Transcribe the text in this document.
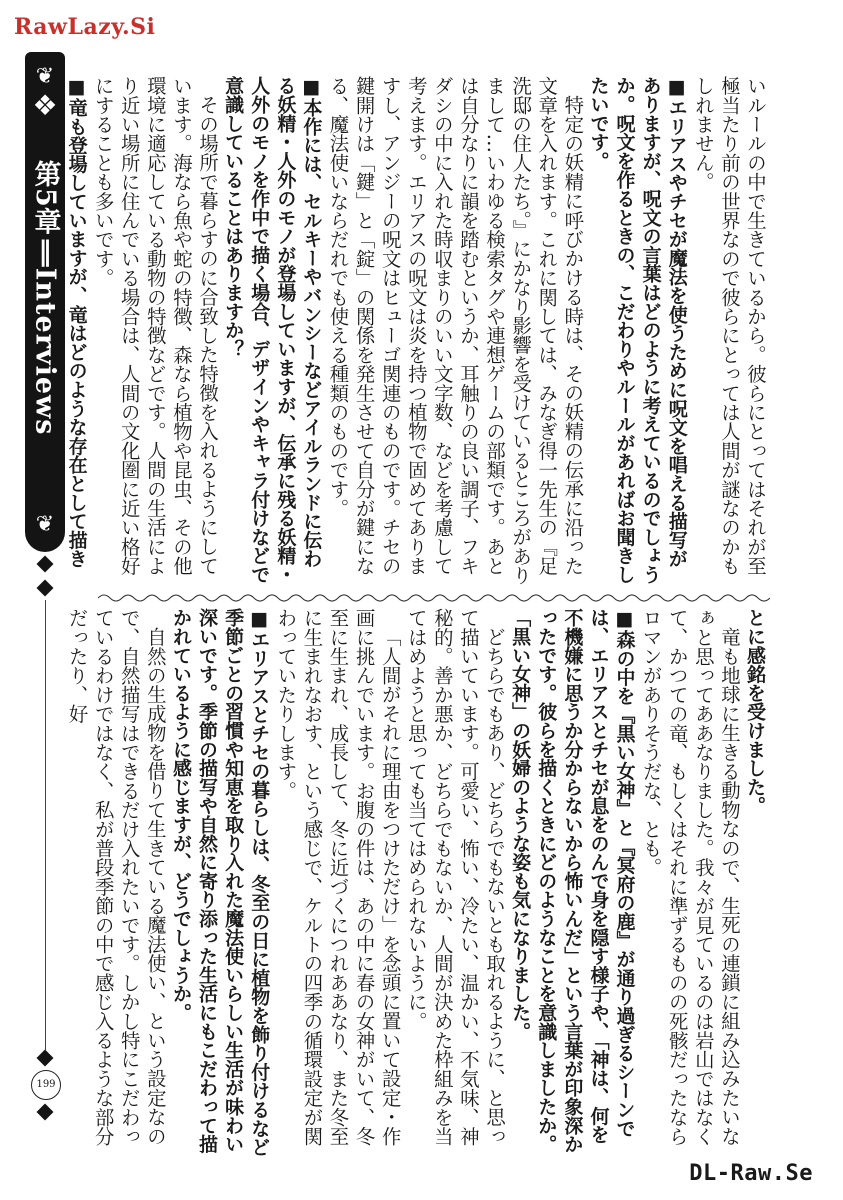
RawLazy.Si
❦
❖
第5章‖Interviews
❦
199

いルールの中で生きているから。彼らにとってはそれが至極当たり前の世界なので彼らにとっては人間が謎なのかもしれません。

■エリアスやチセが魔法を使うために呪文を唱える描写がありますが、呪文の言葉はどのように考えているのでしょうか。呪文を作るときの、こだわりやルールがあればお聞きしたいです。

特定の妖精に呼びかける時は、その妖精の伝承に沿った文章を入れます。これに関しては、みなぎ得一先生の『足洗邸の住人たち。』にかなり影響を受けているところがありまして…いわゆる検索タグや連想ゲームの部類です。あとは自分なりに韻を踏むというか、耳触りの良い調子、フキダシの中に入れた時収まりのいい文字数、などを考慮して考えます。エリアスの呪文は炎を持つ植物で固めてありますし、アンジーの呪文はヒューゴ関連のものです。チセの鍵開けは「鍵」と「錠」の関係を発生させて自分が鍵になる、魔法使いならだれでも使える種類のものです。

■本作には、セルキーやバンシーなどアイルランドに伝わる妖精・人外のモノが登場していますが、伝承に残る妖精・人外のモノを作中で描く場合、デザインやキャラ付けなどで意識していることはありますか？

その場所で暮らすのに合致した特徴を入れるようにしています。海なら魚や蛇の特徴、森なら植物や昆虫、その他環境に適応している動物の特徴などです。人間の生活により近い場所に住んでいる場合は、人間の文化圏に近い格好にすることも多いです。

■竜も登場していますが、竜はどのような存在として描き　

とに感銘を受けました。

竜も地球に生きる動物なので、生死の連鎖に組み込みたいなぁと思ってああなりました。我々が見ているのは岩山ではなくて、かつての竜、もしくはそれに準ずるものの死骸だったならロマンがありそうだな、とも。

■森の中を『黒い女神』と『冥府の鹿』が通り過ぎるシーンでは、エリアスとチセが息をのんで身を隠す様子や、「神は、何を不機嫌に思うか分からないから怖いんだ」という言葉が印象深かったです。彼らを描くときにどのようなことを意識しましたか。「黒い女神」の妖婦のような姿も気になりました。

どちらでもあり、どちらでもないとも取れるように、と思って描いています。可愛い、怖い、冷たい、温かい、不気味、神秘的。善か悪か、どちらでもないか、人間が決めた枠組みを当てはめようと思っても当てはめられないように。

「人間がそれに理由をつけただけ」を念頭に置いて設定・作画に挑んでいます。お腹の件は、あの中に春の女神がいて、冬至に生まれ、成長して、冬に近づくにつれああなり、また冬至に生まれなおす、という感じで、ケルトの四季の循環設定が関わっていたりします。

■エリアスとチセの暮らしは、冬至の日に植物を飾り付けるなど季節ごとの習慣や知恵を取り入れた魔法使いらしい生活が味わい深いです。季節の描写や自然に寄り添った生活にもこだわって描かれているように感じますが、どうでしょうか。

自然の生成物を借りて生きている魔法使い、という設定なので、自然描写はできるだけ入れたいです。しかし特にこだわっているわけではなく、私が普段季節の中で感じ入るような部分だったり、好

DL-Raw.Se
